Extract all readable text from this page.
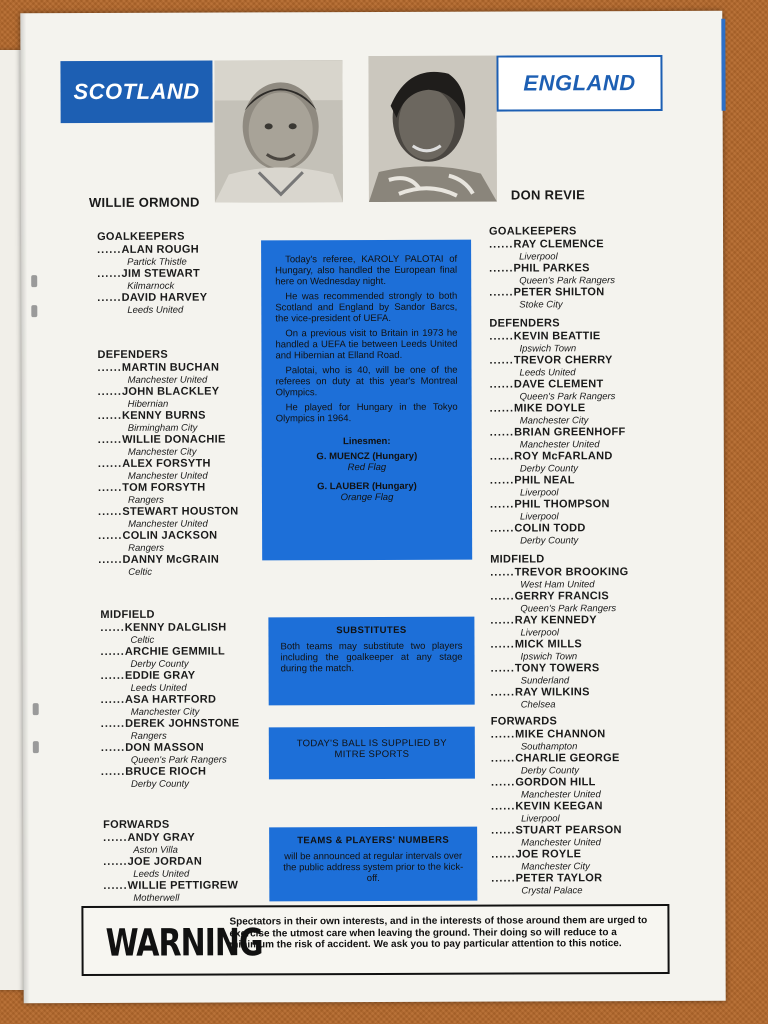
SCOTLAND	ENGLAND
WILLIE ORMOND	DON REVIE
GOALKEEPERS
......ALAN ROUGH
Partick Thistle
......JIM STEWART
Kilmarnock
......DAVID HARVEY
Leeds United
DEFENDERS
......MARTIN BUCHAN
Manchester United
......JOHN BLACKLEY
Hibernian
......KENNY BURNS
Birmingham City
......WILLIE DONACHIE
Manchester City
......ALEX FORSYTH
Manchester United
......TOM FORSYTH
Rangers
......STEWART HOUSTON
Manchester United
......COLIN JACKSON
Rangers
......DANNY McGRAIN
Celtic
MIDFIELD
......KENNY DALGLISH
Celtic
......ARCHIE GEMMILL
Derby County
......EDDIE GRAY
Leeds United
......ASA HARTFORD
Manchester City
......DEREK JOHNSTONE
Rangers
......DON MASSON
Queen's Park Rangers
......BRUCE RIOCH
Derby County
FORWARDS
......ANDY GRAY
Aston Villa
......JOE JORDAN
Leeds United
......WILLIE PETTIGREW
Motherwell
GOALKEEPERS
......RAY CLEMENCE
Liverpool
......PHIL PARKES
Queen's Park Rangers
......PETER SHILTON
Stoke City
DEFENDERS
......KEVIN BEATTIE
Ipswich Town
......TREVOR CHERRY
Leeds United
......DAVE CLEMENT
Queen's Park Rangers
......MIKE DOYLE
Manchester City
......BRIAN GREENHOFF
Manchester United
......ROY McFARLAND
Derby County
......PHIL NEAL
Liverpool
......PHIL THOMPSON
Liverpool
......COLIN TODD
Derby County
MIDFIELD
......TREVOR BROOKING
West Ham United
......GERRY FRANCIS
Queen's Park Rangers
......RAY KENNEDY
Liverpool
......MICK MILLS
Ipswich Town
......TONY TOWERS
Sunderland
......RAY WILKINS
Chelsea
FORWARDS
......MIKE CHANNON
Southampton
......CHARLIE GEORGE
Derby County
......GORDON HILL
Manchester United
......KEVIN KEEGAN
Liverpool
......STUART PEARSON
Manchester United
......JOE ROYLE
Manchester City
......PETER TAYLOR
Crystal Palace

Today's referee, KAROLY PALOTAI of Hungary, also handled the European final here on Wednesday night.

He was recommended strongly to both Scotland and England by Sandor Barcs, the vice-president of UEFA.

On a previous visit to Britain in 1973 he handled a UEFA tie between Leeds United and Hibernian at Elland Road.

Palotai, who is 40, will be one of the referees on duty at this year's Montreal Olympics.

He played for Hungary in the Tokyo Olympics in 1964.

Linesmen:

G. MUENCZ (Hungary)

Red Flag

G. LAUBER (Hungary)

Orange Flag

SUBSTITUTES
Both teams may substitute two players including the goalkeeper at any stage during the match.
TODAY'S BALL IS SUPPLIED BY MITRE SPORTS
TEAMS & PLAYERS' NUMBERS
will be announced at regular intervals over the public address system prior to the kick-off.
WARNING
Spectators in their own interests, and in the interests of those around them are urged to exercise the utmost care when leaving the ground. Their doing so will reduce to a minimum the risk of accident. We ask you to pay particular attention to this notice.
